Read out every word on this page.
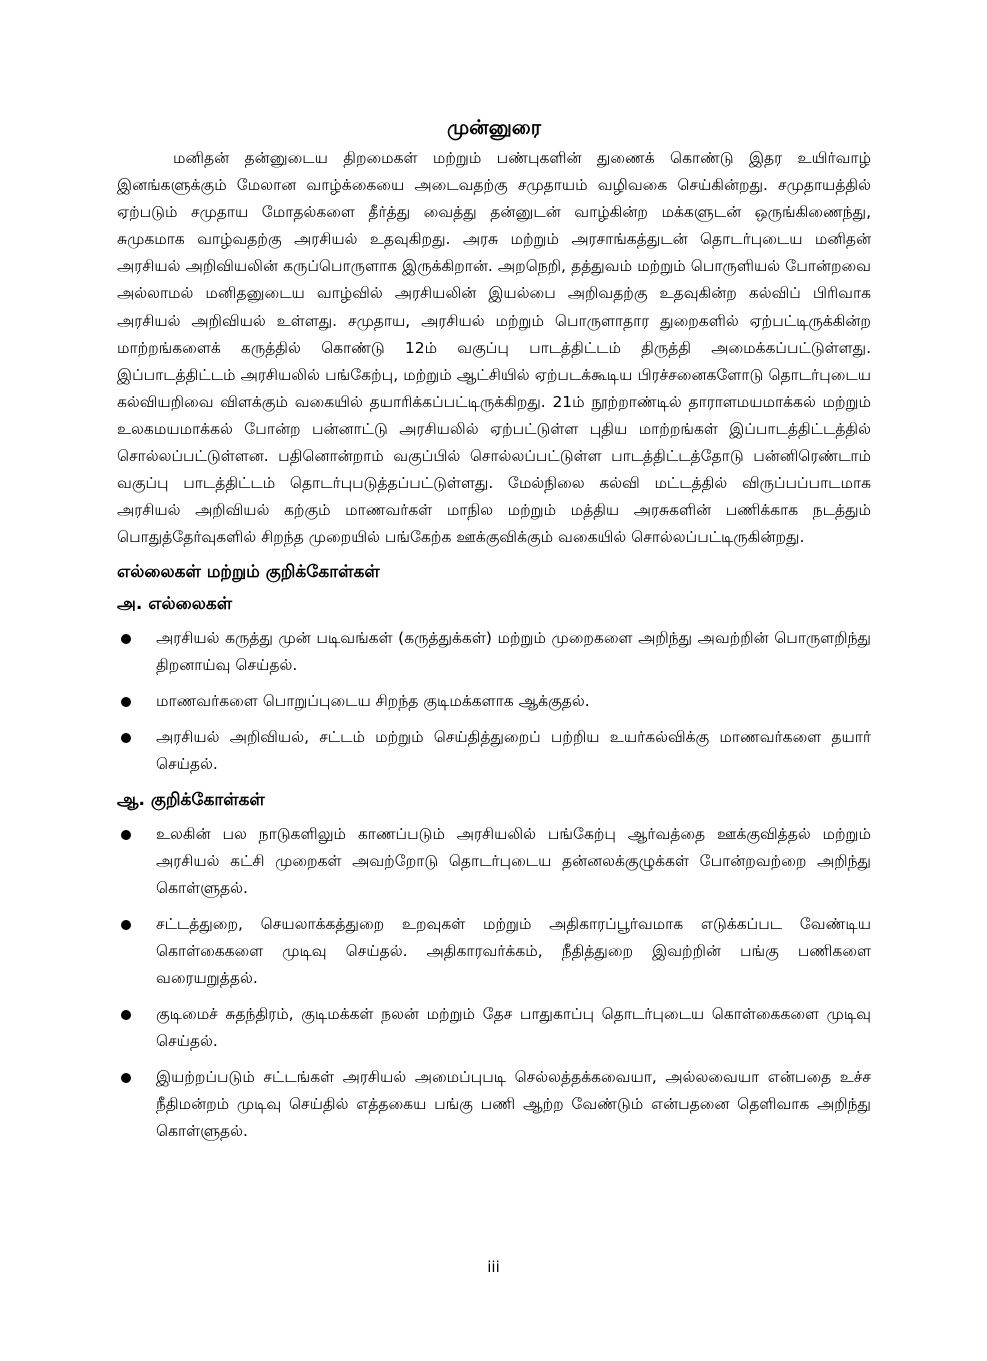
முன்னுரை

மனிதன் தன்னுடைய திறமைகள் மற்றும் பண்புகளின் துணைக் கொண்டு இதர உயிர்வாழ் இனங்களுக்கும் மேலான வாழ்க்கையை அடைவதற்கு சமுதாயம் வழிவகை செய்கின்றது. சமுதாயத்தில் ஏற்படும் சமுதாய மோதல்களை தீர்த்து வைத்து தன்னுடன் வாழ்கின்ற மக்களுடன் ஒருங்கிணைந்து, சுமுகமாக வாழ்வதற்கு அரசியல் உதவுகிறது. அரசு மற்றும் அரசாங்கத்துடன் தொடர்புடைய மனிதன் அரசியல் அறிவியலின் கருப்பொருளாக இருக்கிறான். அறநெறி, தத்துவம் மற்றும் பொருளியல் போன்றவை அல்லாமல் மனிதனுடைய வாழ்வில் அரசியலின் இயல்பை அறிவதற்கு உதவுகின்ற கல்விப் பிரிவாக அரசியல் அறிவியல் உள்ளது. சமுதாய, அரசியல் மற்றும் பொருளாதார துறைகளில் ஏற்பட்டிருக்கின்ற மாற்றங்களைக் கருத்தில் கொண்டு 12ம் வகுப்பு பாடத்திட்டம் திருத்தி அமைக்கப்பட்டுள்ளது. இப்பாடத்திட்டம் அரசியலில் பங்கேற்பு, மற்றும் ஆட்சியில் ஏற்படக்கூடிய பிரச்சனைகளோடு தொடர்புடைய கல்வியறிவை விளக்கும் வகையில் தயாரிக்கப்பட்டிருக்கிறது. 21ம் நூற்றாண்டில் தாராளமயமாக்கல் மற்றும் உலகமயமாக்கல் போன்ற பன்னாட்டு அரசியலில் ஏற்பட்டுள்ள புதிய மாற்றங்கள் இப்பாடத்திட்டத்தில் சொல்லப்பட்டுள்ளன. பதினொன்றாம் வகுப்பில் சொல்லப்பட்டுள்ள பாடத்திட்டத்தோடு பன்னிரெண்டாம் வகுப்பு பாடத்திட்டம் தொடர்புபடுத்தப்பட்டுள்ளது. மேல்நிலை கல்வி மட்டத்தில் விருப்பப்பாடமாக அரசியல் அறிவியல் கற்கும் மாணவர்கள் மாநில மற்றும் மத்திய அரசுகளின் பணிக்காக நடத்தும் பொதுத்தேர்வுகளில் சிறந்த முறையில் பங்கேற்க ஊக்குவிக்கும் வகையில் சொல்லப்பட்டிருகின்றது.

எல்லைகள் மற்றும் குறிக்கோள்கள்
அ. எல்லைகள்
அரசியல் கருத்து முன் படிவங்கள் (கருத்துக்கள்) மற்றும் முறைகளை அறிந்து அவற்றின் பொருளறிந்து திறனாய்வு செய்தல்.
மாணவர்களை பொறுப்புடைய சிறந்த குடிமக்களாக ஆக்குதல்.
அரசியல் அறிவியல், சட்டம் மற்றும் செய்தித்துறைப் பற்றிய உயர்கல்விக்கு மாணவர்களை தயார் செய்தல்.
ஆ. குறிக்கோள்கள்
உலகின் பல நாடுகளிலும் காணப்படும் அரசியலில் பங்கேற்பு ஆர்வத்தை ஊக்குவித்தல் மற்றும் அரசியல் கட்சி முறைகள் அவற்றோடு தொடர்புடைய தன்னலக்குழுக்கள் போன்றவற்றை அறிந்து கொள்ளுதல்.
சட்டத்துறை, செயலாக்கத்துறை உறவுகள் மற்றும் அதிகாரப்பூர்வமாக எடுக்கப்பட வேண்டிய கொள்கைகளை முடிவு செய்தல். அதிகாரவர்க்கம், நீதித்துறை இவற்றின் பங்கு பணிகளை வரையறுத்தல்.
குடிமைச் சுதந்திரம், குடிமக்கள் நலன் மற்றும் தேச பாதுகாப்பு தொடர்புடைய கொள்கைகளை முடிவு செய்தல்.
இயற்றப்படும் சட்டங்கள் அரசியல் அமைப்புபடி செல்லத்தக்கவையா, அல்லவையா என்பதை உச்ச நீதிமன்றம் முடிவு செய்தில் எத்தகைய பங்கு பணி ஆற்ற வேண்டும் என்பதனை தெளிவாக அறிந்து கொள்ளுதல்.
iii
